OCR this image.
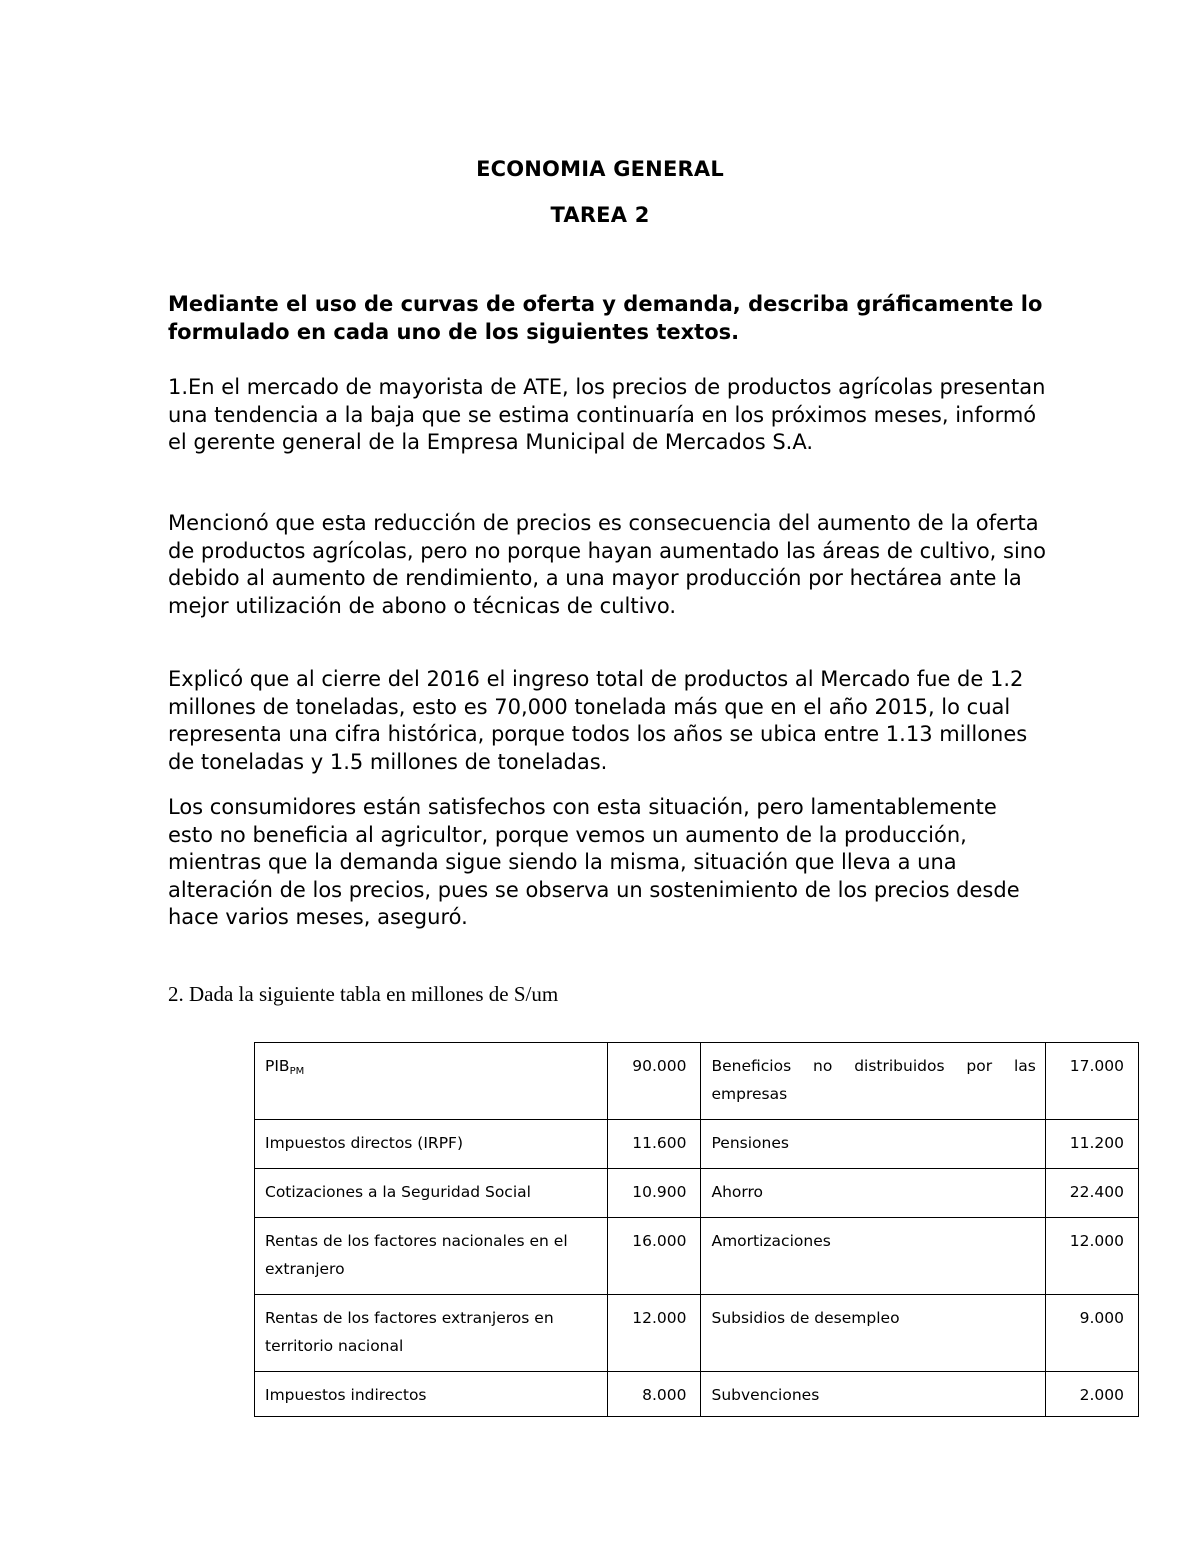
ECONOMIA GENERAL
TAREA 2

Mediante el uso de curvas de oferta y demanda, describa gráficamente lo formulado en cada uno de los siguientes textos.

1.En el mercado de mayorista de ATE, los precios de productos agrícolas presentan una tendencia a la baja que se estima continuaría en los próximos meses, informó el gerente general de la Empresa Municipal de Mercados S.A.

Mencionó que esta reducción de precios es consecuencia del aumento de la oferta de productos agrícolas, pero no porque hayan aumentado las áreas de cultivo, sino debido al aumento de rendimiento, a una mayor producción por hectárea ante la mejor utilización de abono o técnicas de cultivo.

Explicó que al cierre del 2016 el ingreso total de productos al Mercado fue de 1.2 millones de toneladas, esto es 70,000 tonelada más que en el año 2015, lo cual representa una cifra histórica, porque todos los años se ubica entre 1.13 millones de toneladas y 1.5 millones de toneladas.

Los consumidores están satisfechos con esta situación, pero lamentablemente esto no beneficia al agricultor, porque vemos un aumento de la producción, mientras que la demanda sigue siendo la misma, situación que lleva a una alteración de los precios, pues se observa un sostenimiento de los precios desde hace varios meses, aseguró.

2. Dada la siguiente tabla en millones de S/um
$PIB_{PM}$	90.000	Beneficios no distribuidos por las empresas	17.000
Impuestos directos (IRPF)	11.600	Pensiones	11.200
Cotizaciones a la Seguridad Social	10.900	Ahorro	22.400
Rentas de los factores nacionales en el extranjero	16.000	Amortizaciones	12.000
Rentas de los factores extranjeros en territorio nacional	12.000	Subsidios de desempleo	9.000
Impuestos indirectos	8.000	Subvenciones	2.000
